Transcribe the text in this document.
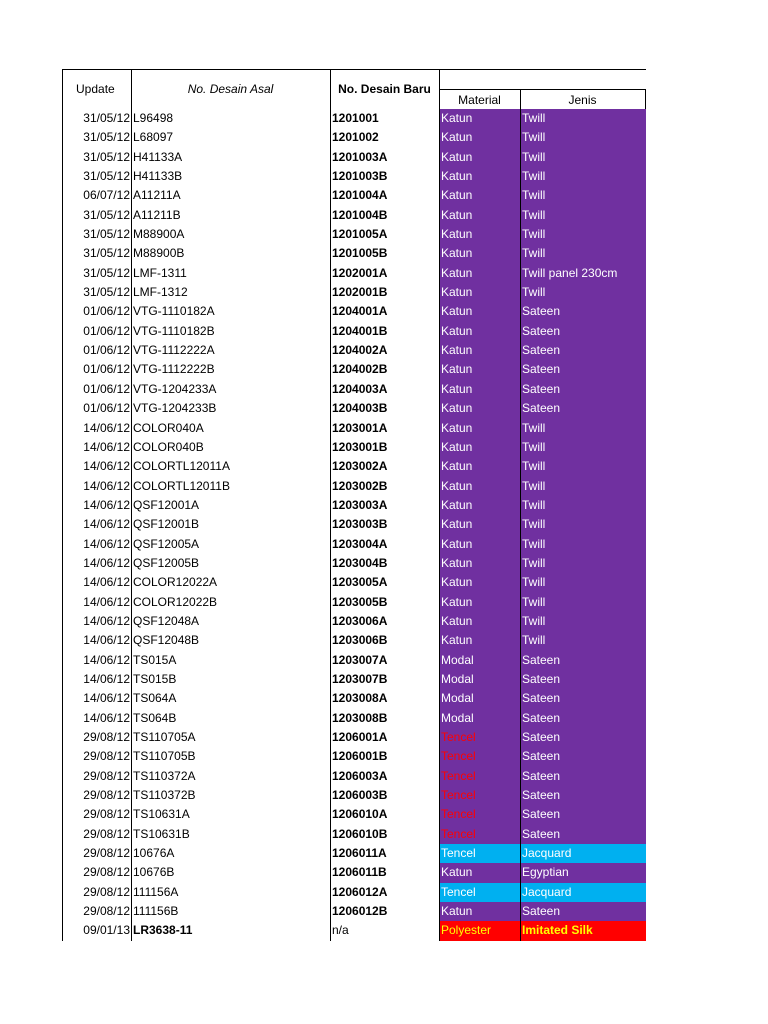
Update	No. Desain Asal	No. Desain Baru
Material	Jenis
31/05/12 L96498	1201001	Katun	Twill
31/05/12 L68097	1201002	Katun	Twill
31/05/12 H41133A	1201003A	Katun	Twill
31/05/12 H41133B	1201003B	Katun	Twill
06/07/12 A11211A	1201004A	Katun	Twill
31/05/12 A11211B	1201004B	Katun	Twill
31/05/12 M88900A	1201005A	Katun	Twill
31/05/12 M88900B	1201005B	Katun	Twill
31/05/12 LMF-1311	1202001A	Katun	Twill panel 230cm
31/05/12 LMF-1312	1202001B	Katun	Twill
01/06/12 VTG-1110182A	1204001A	Katun	Sateen
01/06/12 VTG-1110182B	1204001B	Katun	Sateen
01/06/12 VTG-1112222A	1204002A	Katun	Sateen
01/06/12 VTG-1112222B	1204002B	Katun	Sateen
01/06/12 VTG-1204233A	1204003A	Katun	Sateen
01/06/12 VTG-1204233B	1204003B	Katun	Sateen
14/06/12 COLOR040A	1203001A	Katun	Twill
14/06/12 COLOR040B	1203001B	Katun	Twill
14/06/12 COLORTL12011A	1203002A	Katun	Twill
14/06/12 COLORTL12011B	1203002B	Katun	Twill
14/06/12 QSF12001A	1203003A	Katun	Twill
14/06/12 QSF12001B	1203003B	Katun	Twill
14/06/12 QSF12005A	1203004A	Katun	Twill
14/06/12 QSF12005B	1203004B	Katun	Twill
14/06/12 COLOR12022A	1203005A	Katun	Twill
14/06/12 COLOR12022B	1203005B	Katun	Twill
14/06/12 QSF12048A	1203006A	Katun	Twill
14/06/12 QSF12048B	1203006B	Katun	Twill
14/06/12 TS015A	1203007A	Modal	Sateen
14/06/12 TS015B	1203007B	Modal	Sateen
14/06/12 TS064A	1203008A	Modal	Sateen
14/06/12 TS064B	1203008B	Modal	Sateen
29/08/12 TS110705A	1206001A	Tencel	Sateen
29/08/12 TS110705B	1206001B	Tencel	Sateen
29/08/12 TS110372A	1206003A	Tencel	Sateen
29/08/12 TS110372B	1206003B	Tencel	Sateen
29/08/12 TS10631A	1206010A	Tencel	Sateen
29/08/12 TS10631B	1206010B	Tencel	Sateen
29/08/12 10676A	1206011A	Tencel	Jacquard
29/08/12 10676B	1206011B	Katun	Egyptian
29/08/12 111156A	1206012A	Tencel	Jacquard
29/08/12 111156B	1206012B	Katun	Sateen
09/01/13 LR3638-11	n/a	Polyester	Imitated Silk
